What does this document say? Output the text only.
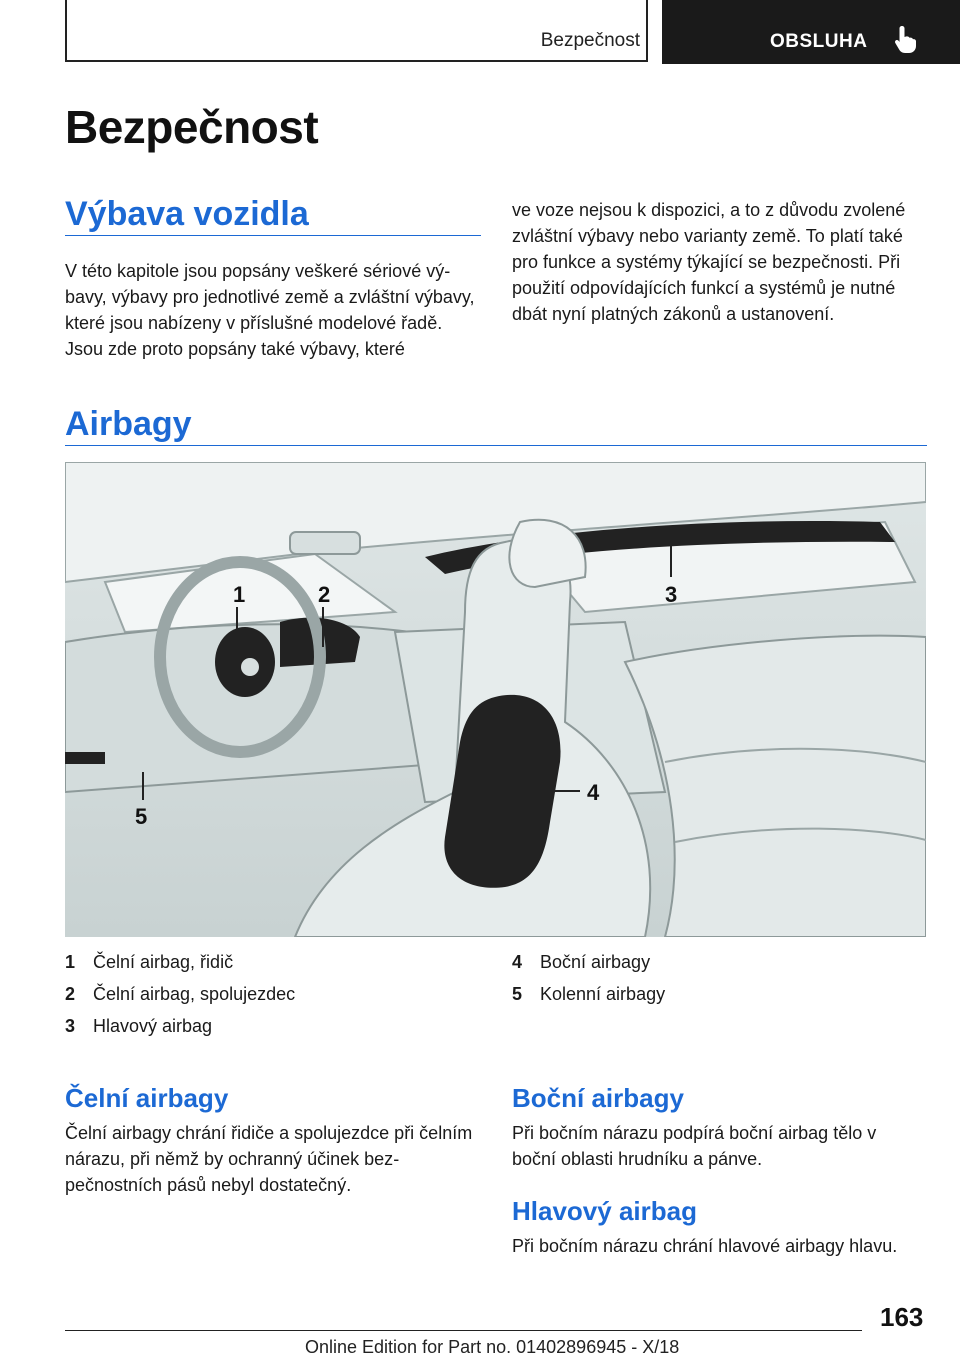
Bezpečnost	OBSLUHA
Bezpečnost
Výbava vozidla

V této kapitole jsou popsány veškeré sériové výbavy, výbavy pro jednotlivé země a zvláštní výbavy, které jsou nabízeny v příslušné modelové řadě. Jsou zde proto popsány také výbavy, které

ve voze nejsou k dispozici, a to z důvodu zvolené zvláštní výbavy nebo varianty země. To platí také pro funkce a systémy týkající se bezpečnosti. Při použití odpovídajících funkcí a systémů je nutné dbát nyní platných zákonů a ustanovení.

Airbagy
1	2	3
4
5
1 Čelní airbag, řidič
2 Čelní airbag, spolujezdec
3 Hlavový airbag
4 Boční airbagy
5 Kolenní airbagy
Čelní airbagy

Čelní airbagy chrání řidiče a spolujezdce při čelním nárazu, při němž by ochranný účinek bezpečnostních pásů nebyl dostatečný.

Boční airbagy

Při bočním nárazu podpírá boční airbag tělo v boční oblasti hrudníku a pánve.

Hlavový airbag

Při bočním nárazu chrání hlavové airbagy hlavu.

163
Online Edition for Part no. 01402896945 - X/18
